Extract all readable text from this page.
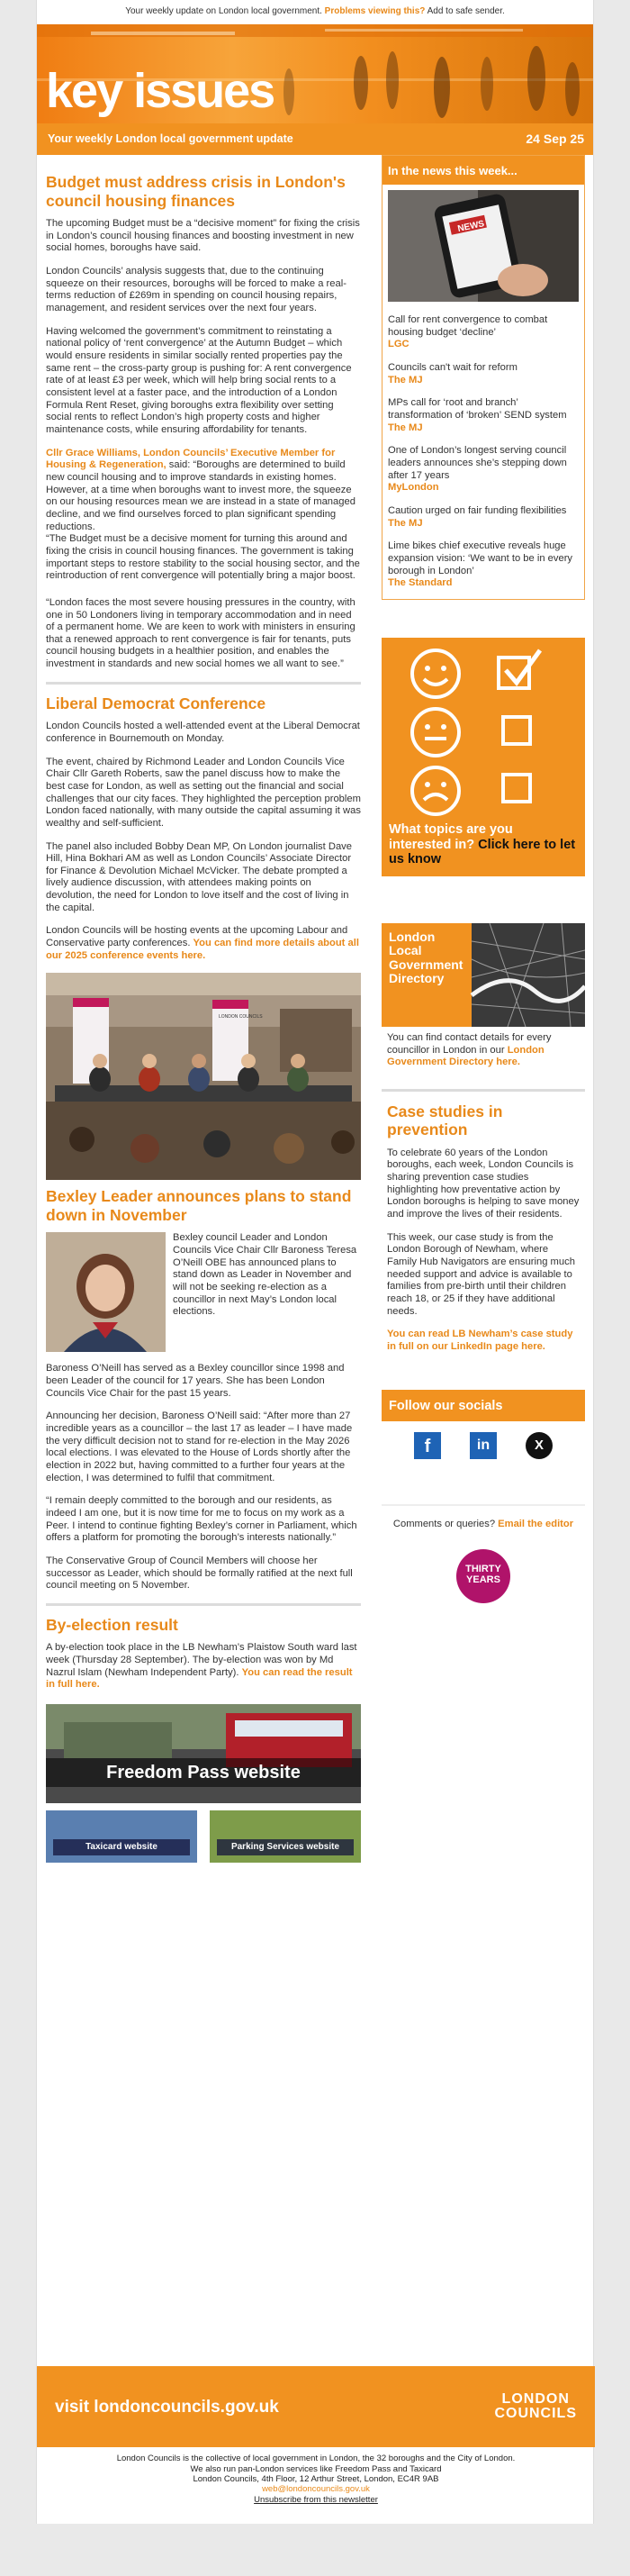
Your weekly update on London local government. Problems viewing this? Add to safe sender.
key issues
Your weekly London local government update	24 Sep 25
Budget must address crisis in London's council housing finances

The upcoming Budget must be a “decisive moment” for fixing the crisis in London’s council housing finances and boosting investment in new social homes, boroughs have said.

London Councils’ analysis suggests that, due to the continuing squeeze on their resources, boroughs will be forced to make a real-terms reduction of £269m in spending on council housing repairs, management, and resident services over the next four years.

Having welcomed the government’s commitment to reinstating a national policy of ‘rent convergence’ at the Autumn Budget – which would ensure residents in similar socially rented properties pay the same rent – the cross-party group is pushing for: A rent convergence rate of at least £3 per week, which will help bring social rents to a consistent level at a faster pace, and the introduction of a London Formula Rent Reset, giving boroughs extra flexibility over setting social rents to reflect London’s high property costs and higher maintenance costs, while ensuring affordability for tenants.

Cllr Grace Williams, London Councils’ Executive Member for Housing & Regeneration, said: “Boroughs are determined to build new council housing and to improve standards in existing homes. However, at a time when boroughs want to invest more, the squeeze on our housing resources mean we are instead in a state of managed decline, and we find ourselves forced to plan significant spending reductions.

“The Budget must be a decisive moment for turning this around and fixing the crisis in council housing finances. The government is taking important steps to restore stability to the social housing sector, and the reintroduction of rent convergence will potentially bring a major boost.

“London faces the most severe housing pressures in the country, with one in 50 Londoners living in temporary accommodation and in need of a permanent home. We are keen to work with ministers in ensuring that a renewed approach to rent convergence is fair for tenants, puts council housing budgets in a healthier position, and enables the investment in standards and new social homes we all want to see.”

Liberal Democrat Conference

London Councils hosted a well-attended event at the Liberal Democrat conference in Bournemouth on Monday.

The event, chaired by Richmond Leader and London Councils Vice Chair Cllr Gareth Roberts, saw the panel discuss how to make the best case for London, as well as setting out the financial and social challenges that our city faces. They highlighted the perception problem London faced nationally, with many outside the capital assuming it was wealthy and self-sufficient.

The panel also included Bobby Dean MP, On London journalist Dave Hill, Hina Bokhari AM as well as London Councils’ Associate Director for Finance & Devolution Michael McVicker. The debate prompted a lively audience discussion, with attendees making points on devolution, the need for London to love itself and the cost of living in the capital.

London Councils will be hosting events at the upcoming Labour and Conservative party conferences. You can find more details about all our 2025 conference events here.

LONDON COUNCILS
Bexley Leader announces plans to stand down in November

Bexley council Leader and London Councils Vice Chair Cllr Baroness Teresa O’Neill OBE has announced plans to stand down as Leader in November and will not be seeking re-election as a councillor in next May’s London local elections.

Baroness O’Neill has served as a Bexley councillor since 1998 and been Leader of the council for 17 years. She has been London Councils Vice Chair for the past 15 years.

Announcing her decision, Baroness O’Neill said: “After more than 27 incredible years as a councillor – the last 17 as leader – I have made the very difficult decision not to stand for re-election in the May 2026 local elections. I was elevated to the House of Lords shortly after the election in 2022 but, having committed to a further four years at the election, I was determined to fulfil that commitment.

“I remain deeply committed to the borough and our residents, as indeed I am one, but it is now time for me to focus on my work as a Peer. I intend to continue fighting Bexley’s corner in Parliament, which offers a platform for promoting the borough’s interests nationally.”

The Conservative Group of Council Members will choose her successor as Leader, which should be formally ratified at the next full council meeting on 5 November.

By-election result

A by-election took place in the LB Newham’s Plaistow South ward last week (Thursday 28 September). The by-election was won by Md Nazrul Islam (Newham Independent Party). You can read the result in full here.

Freedom Pass website
Taxicard website	Parking Services website
In the news this week...
NEWS
Call for rent convergence to combat housing budget ‘decline’
LGC
Councils can't wait for reform
The MJ
MPs call for ‘root and branch’ transformation of ‘broken’ SEND system
The MJ
One of London’s longest serving council leaders announces she’s stepping down after 17 years
MyLondon
Caution urged on fair funding flexibilities
The MJ
Lime bikes chief executive reveals huge expansion vision: ‘We want to be in every borough in London’
The Standard
What topics are you interested in? Click here to let us know
London Local Government Directory
You can find contact details for every councillor in London in our London Government Directory here.
Case studies in prevention

To celebrate 60 years of the London boroughs, each week, London Councils is sharing prevention case studies highlighting how preventative action by London boroughs is helping to save money and improve the lives of their residents.

This week, our case study is from the London Borough of Newham, where Family Hub Navigators are ensuring much needed support and advice is available to families from pre-birth until their children reach 18, or 25 if they have additional needs.

You can read LB Newham’s case study in full on our LinkedIn page here.
Follow our socials
f	in	X
Comments or queries? Email the editor
THIRTY
YEARS
visit londoncouncils.gov.uk	LONDON
COUNCILS
London Councils is the collective of local government in London, the 32 boroughs and the City of London.
We also run pan-London services like Freedom Pass and Taxicard
London Councils, 4th Floor, 12 Arthur Street, London, EC4R 9AB
web@londoncouncils.gov.uk
Unsubscribe from this newsletter
